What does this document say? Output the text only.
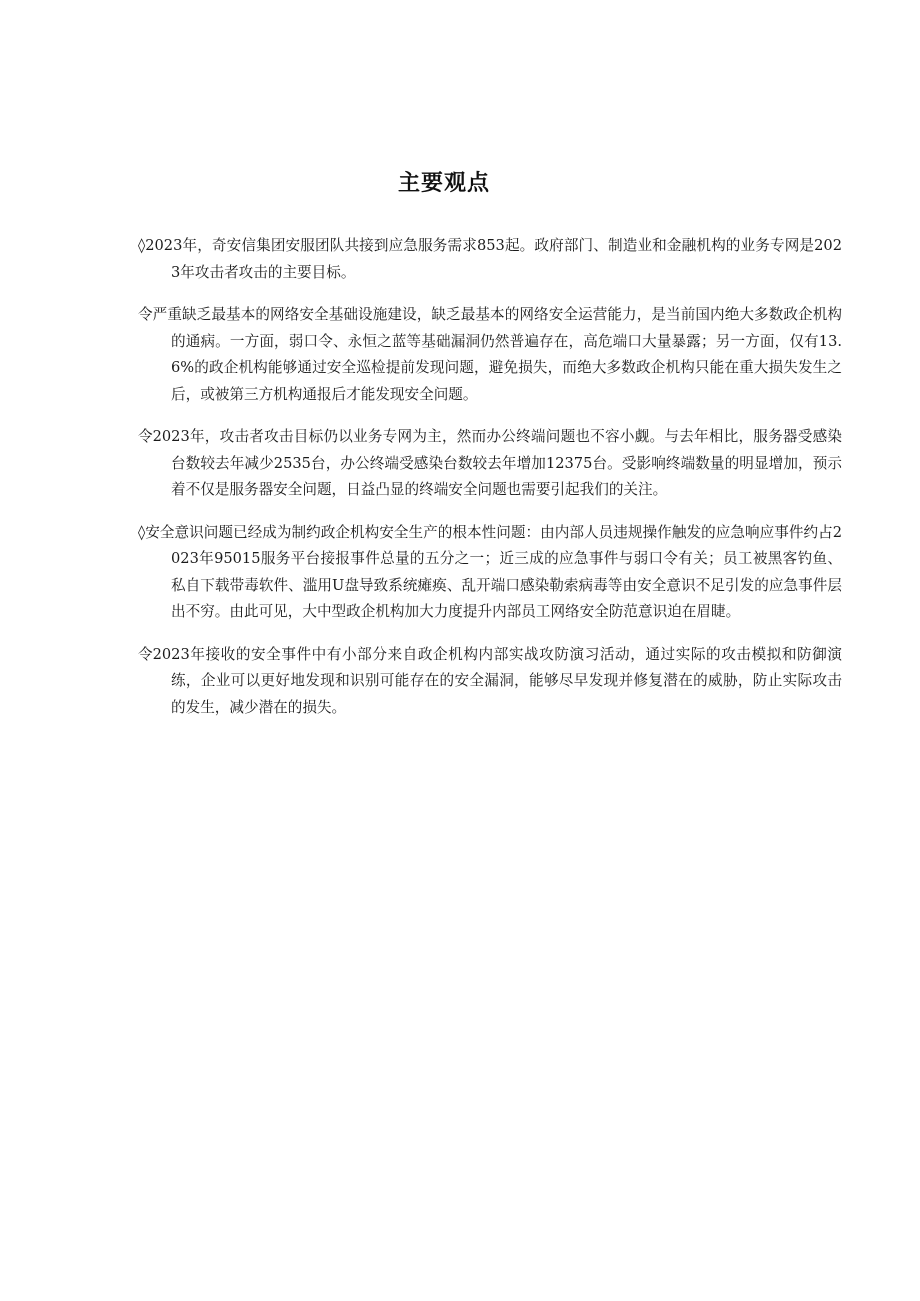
主要观点
◊2023年，奇安信集团安服团队共接到应急服务需求853起。政府部门、制造业和金融机构的业务专网是2023年攻击者攻击的主要目标。
令严重缺乏最基本的网络安全基础设施建设，缺乏最基本的网络安全运营能力，是当前国内绝大多数政企机构的通病。一方面，弱口令、永恒之蓝等基础漏洞仍然普遍存在，高危端口大量暴露；另一方面，仅有13.6%的政企机构能够通过安全巡检提前发现问题，避免损失，而绝大多数政企机构只能在重大损失发生之后，或被第三方机构通报后才能发现安全问题。
令2023年，攻击者攻击目标仍以业务专网为主，然而办公终端问题也不容小觑。与去年相比，服务器受感染台数较去年减少2535台，办公终端受感染台数较去年增加12375台。受影响终端数量的明显增加，预示着不仅是服务器安全问题，日益凸显的终端安全问题也需要引起我们的关注。
◊安全意识问题已经成为制约政企机构安全生产的根本性问题：由内部人员违规操作触发的应急响应事件约占2023年95015服务平台接报事件总量的五分之一；近三成的应急事件与弱口令有关；员工被黑客钓鱼、私自下载带毒软件、滥用U盘导致系统瘫痪、乱开端口感染勒索病毒等由安全意识不足引发的应急事件层出不穷。由此可见，大中型政企机构加大力度提升内部员工网络安全防范意识迫在眉睫。
令2023年接收的安全事件中有小部分来自政企机构内部实战攻防演习活动，通过实际的攻击模拟和防御演练，企业可以更好地发现和识别可能存在的安全漏洞，能够尽早发现并修复潜在的威胁，防止实际攻击的发生，减少潜在的损失。
